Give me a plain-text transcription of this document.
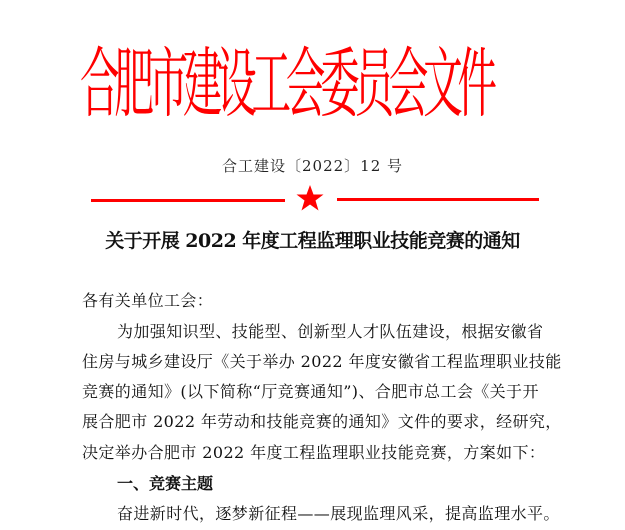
合肥市建设工会委员会文件
合工建设〔2022〕12 号
关于开展 2022 年度工程监理职业技能竞赛的通知
各有关单位工会：
为加强知识型、技能型、创新型人才队伍建设，根据安徽省
住房与城乡建设厅《关于举办 2022 年度安徽省工程监理职业技能
竞赛的通知》(以下简称“厅竞赛通知”)、合肥市总工会《关于开
展合肥市 2022 年劳动和技能竞赛的通知》文件的要求，经研究，
决定举办合肥市 2022 年度工程监理职业技能竞赛，方案如下：
一、竞赛主题
奋进新时代，逐梦新征程——展现监理风采，提高监理水平。
